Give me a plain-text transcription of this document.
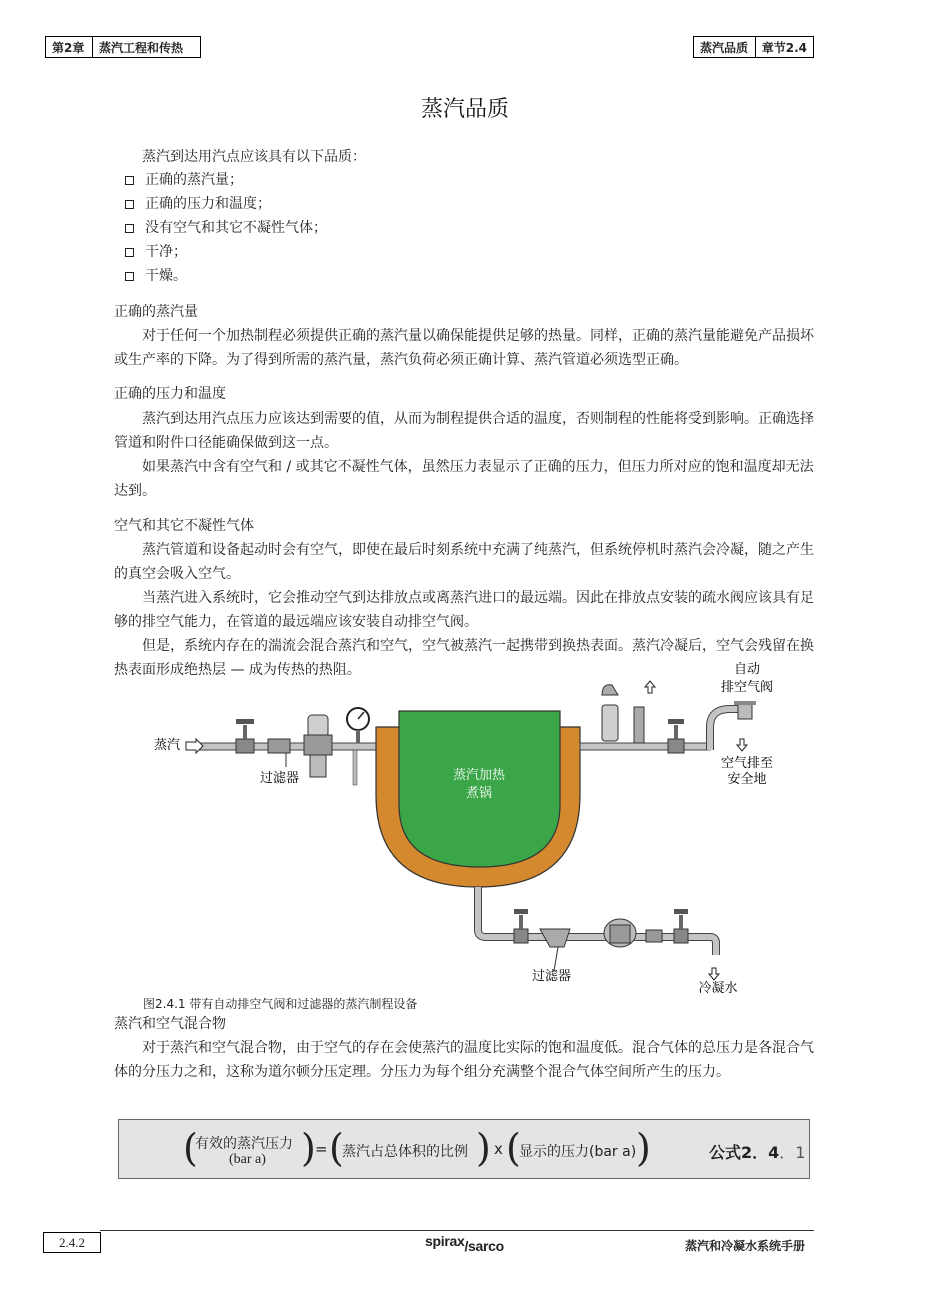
第2章	蒸汽工程和传热	蒸汽品质	章节2.4
蒸汽品质
蒸汽到达用汽点应该具有以下品质：
正确的蒸汽量；
正确的压力和温度；
没有空气和其它不凝性气体；
干净；
干燥。
正确的蒸汽量
对于任何一个加热制程必须提供正确的蒸汽量以确保能提供足够的热量。同样，正确的蒸汽量能避免产品损坏或生产率的下降。为了得到所需的蒸汽量，蒸汽负荷必须正确计算、蒸汽管道必须选型正确。
正确的压力和温度
蒸汽到达用汽点压力应该达到需要的值，从而为制程提供合适的温度，否则制程的性能将受到影响。正确选择管道和附件口径能确保做到这一点。
如果蒸汽中含有空气和 / 或其它不凝性气体，虽然压力表显示了正确的压力，但压力所对应的饱和温度却无法达到。
空气和其它不凝性气体
蒸汽管道和设备起动时会有空气，即使在最后时刻系统中充满了纯蒸汽，但系统停机时蒸汽会冷凝，随之产生的真空会吸入空气。
当蒸汽进入系统时，它会推动空气到达排放点或离蒸汽进口的最远端。因此在排放点安装的疏水阀应该具有足够的排空气能力，在管道的最远端应该安装自动排空气阀。
但是，系统内存在的湍流会混合蒸汽和空气，空气被蒸汽一起携带到换热表面。蒸汽冷凝后，空气会残留在换热表面形成绝热层 — 成为传热的热阻。
蒸汽加热
煮锅
蒸汽
过滤器
自动
排空气阀
空气排至
安全地
过滤器
冷凝水
图2.4.1 带有自动排空气阀和过滤器的蒸汽制程设备
蒸汽和空气混合物
对于蒸汽和空气混合物，由于空气的存在会使蒸汽的温度比实际的饱和温度低。混合气体的总压力是各混合气体的分压力之和，这称为道尔顿分压定理。分压力为每个组分充满整个混合气体空间所产生的压力。
(
有效的蒸汽压力
(bar a) ) = (
蒸汽占总体积的比例 ) x (
显示的压力(bar a) )	公式2．4．1
2.4.2	spirax/sarco	蒸汽和冷凝水系统手册
